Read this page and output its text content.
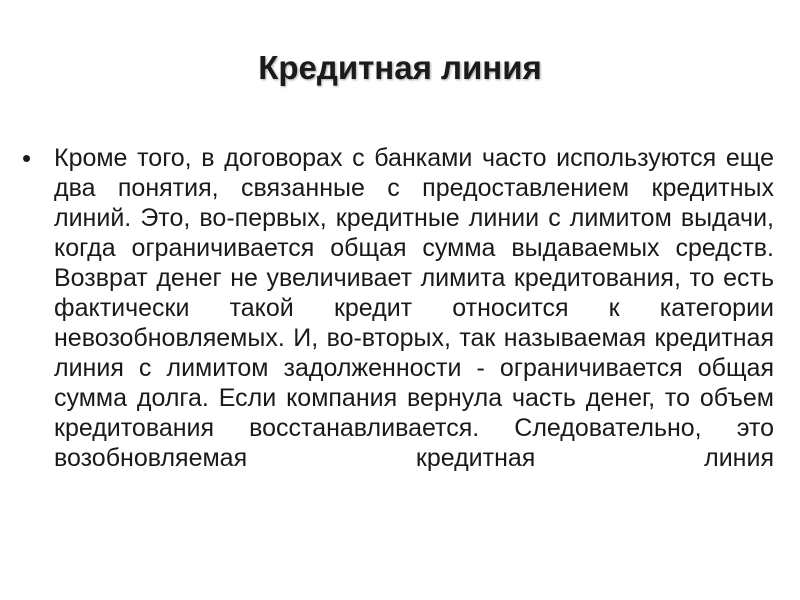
Кредитная линия
• Кроме того, в договорах с банками часто используются еще два понятия, связанные с предоставлением кредитных линий. Это, во-первых, кредитные линии с лимитом выдачи, когда ограничивается общая сумма выдаваемых средств. Возврат денег не увеличивает лимита кредитования, то есть фактически такой кредит относится к категории невозобновляемых. И, во-вторых, так называемая кредитная линия с лимитом задолженности - ограничивается общая сумма долга. Если компания вернула часть денег, то объем кредитования восстанавливается. Следовательно, это возобновляемая кредитная линия
